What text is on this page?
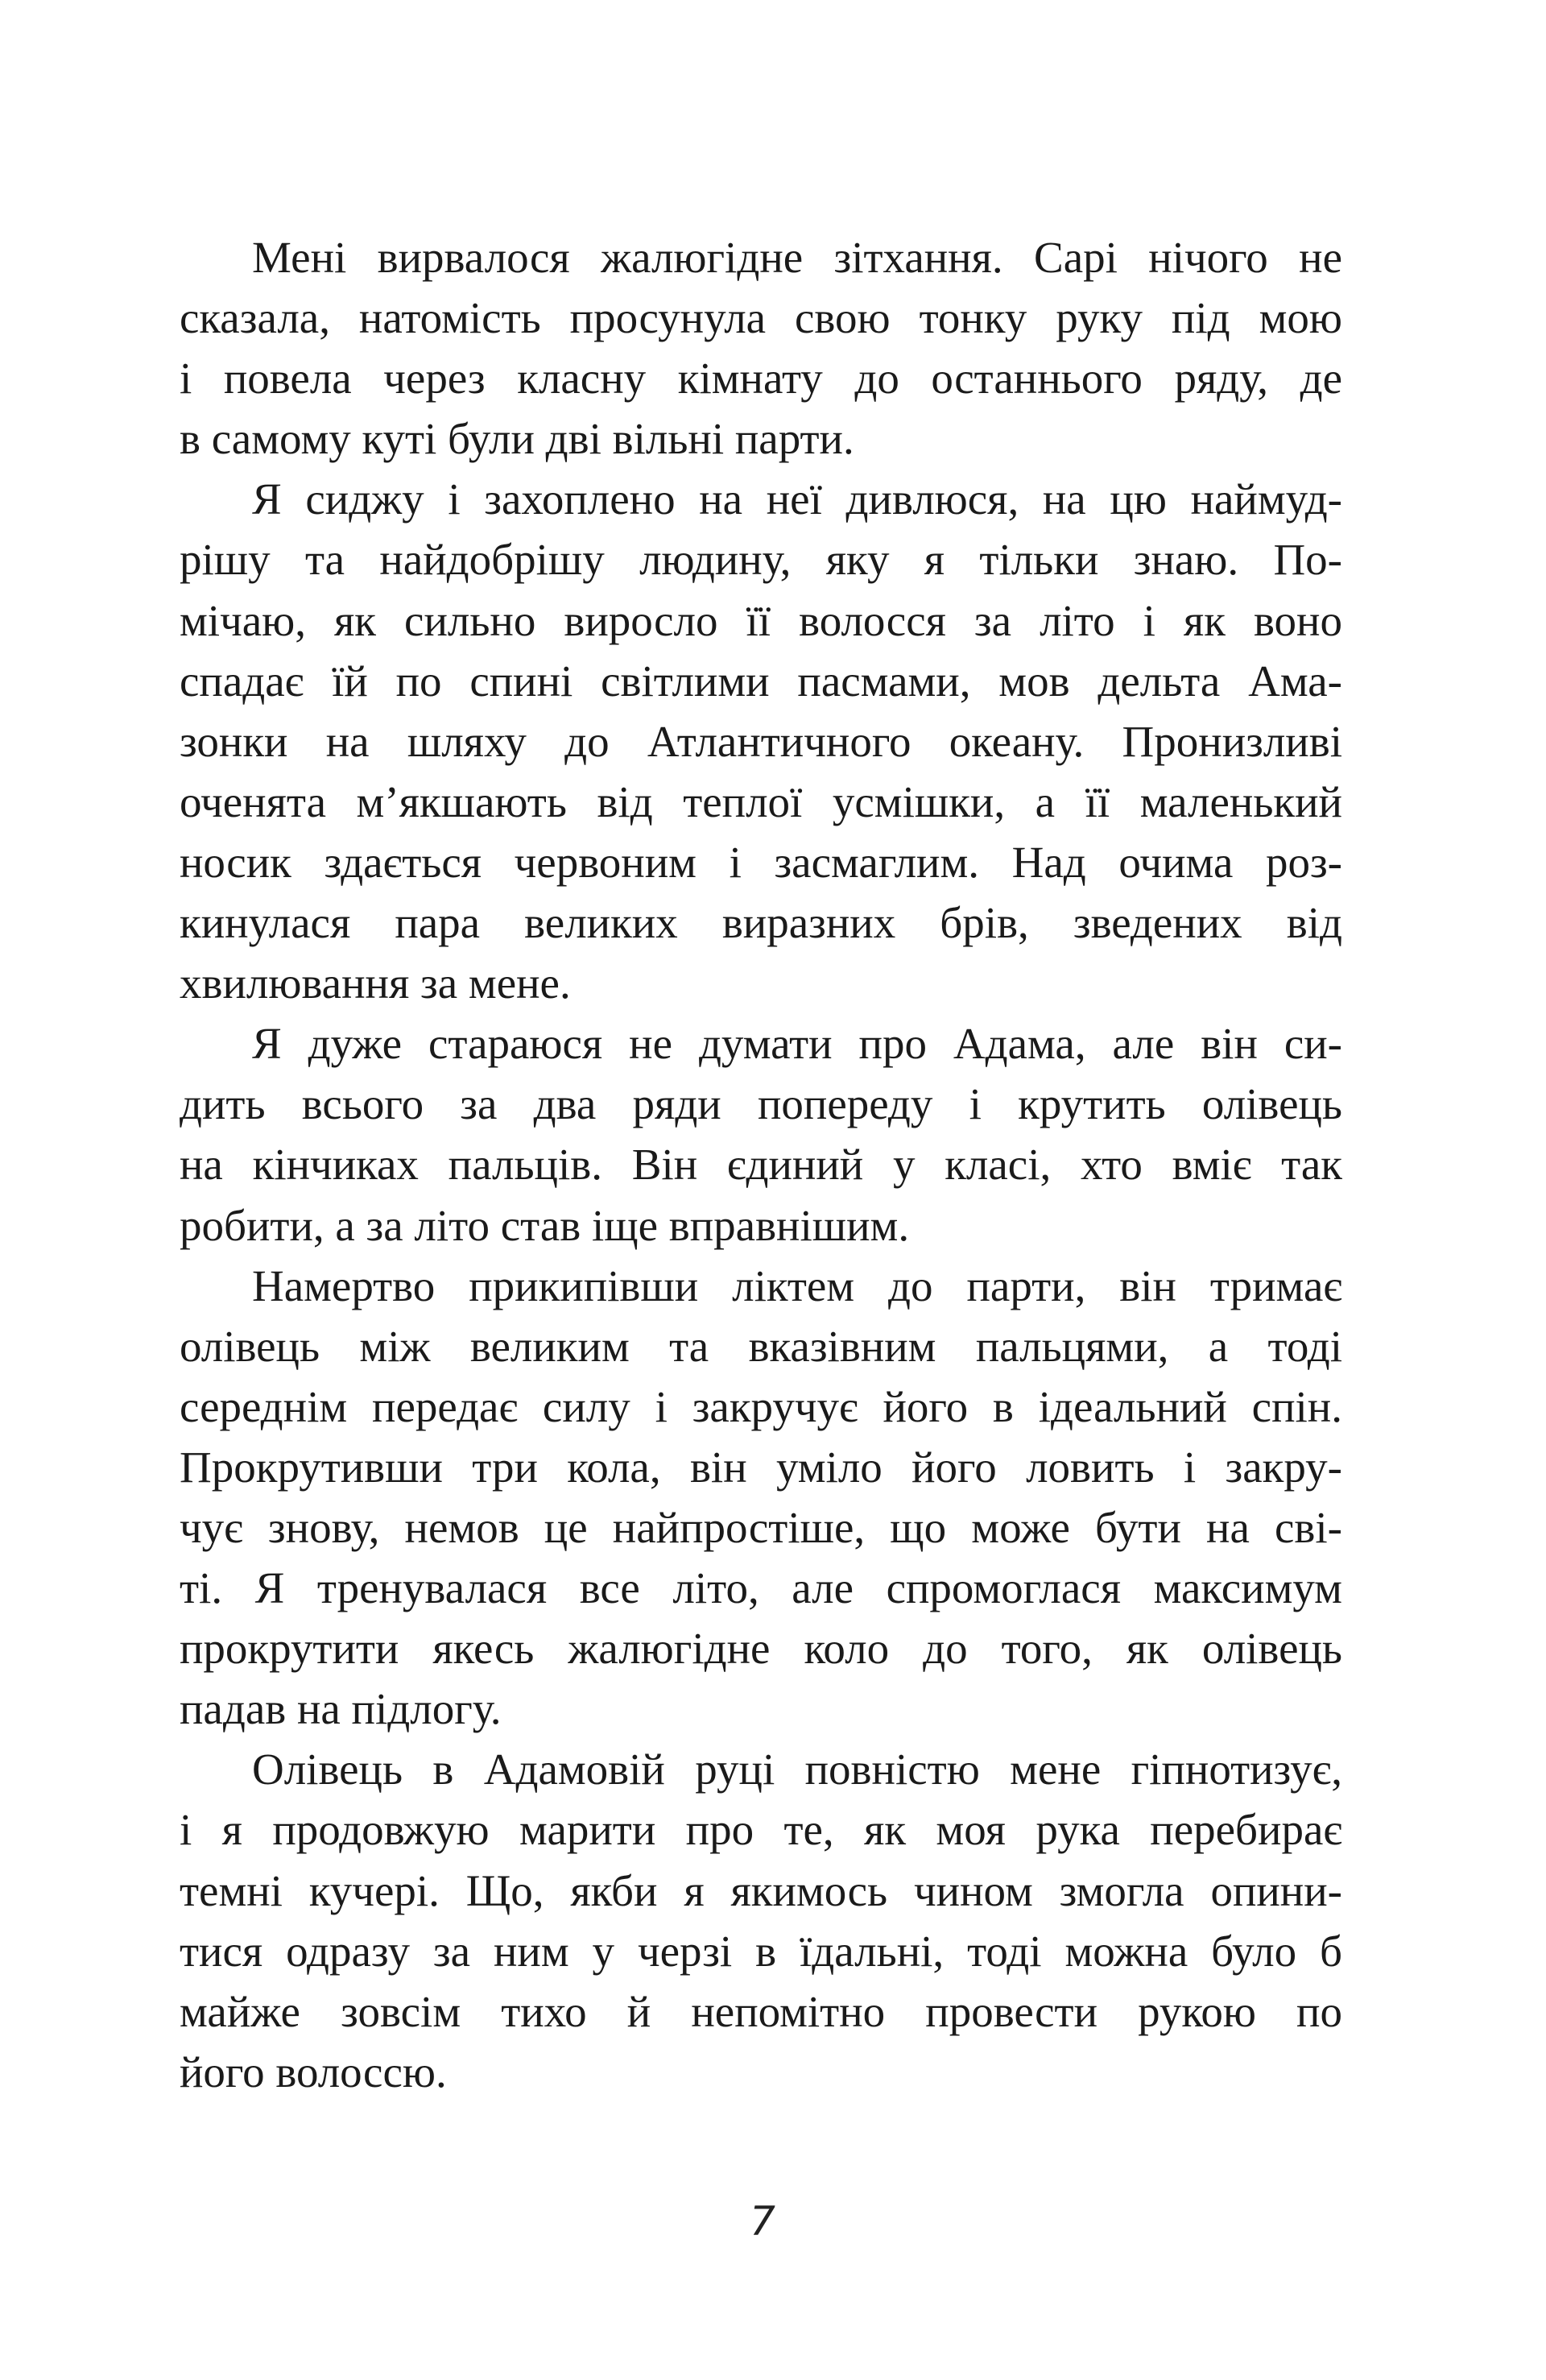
Мені вирвалося жалюгідне зітхання. Сарі нічого не
сказала, натомість просунула свою тонку руку під мою
і повела через класну кімнату до останнього ряду, де
в самому куті були дві вільні парти.
Я сиджу і захоплено на неї дивлюся, на цю наймуд-
рішу та найдобрішу людину, яку я тільки знаю. По-
мічаю, як сильно виросло її волосся за літо і як воно
спадає їй по спині світлими пасмами, мов дельта Ама-
зонки на шляху до Атлантичного океану. Пронизливі
оченята м’якшають від теплої усмішки, а її маленький
носик здається червоним і засмаглим. Над очима роз-
кинулася пара великих виразних брів, зведених від
хвилювання за мене.
Я дуже стараюся не думати про Адама, але він си-
дить всього за два ряди попереду і крутить олівець
на кінчиках пальців. Він єдиний у класі, хто вміє так
робити, а за літо став іще вправнішим.
Намертво прикипівши ліктем до парти, він тримає
олівець між великим та вказівним пальцями, а тоді
середнім передає силу і закручує його в ідеальний спін.
Прокрутивши три кола, він уміло його ловить і закру-
чує знову, немов це найпростіше, що може бути на сві-
ті. Я тренувалася все літо, але спромоглася максимум
прокрутити якесь жалюгідне коло до того, як олівець
падав на підлогу.
Олівець в Адамовій руці повністю мене гіпнотизує,
і я продовжую марити про те, як моя рука перебирає
темні кучері. Що, якби я якимось чином змогла опини-
тися одразу за ним у черзі в їдальні, тоді можна було б
майже зовсім тихо й непомітно провести рукою по
його волоссю.
7
